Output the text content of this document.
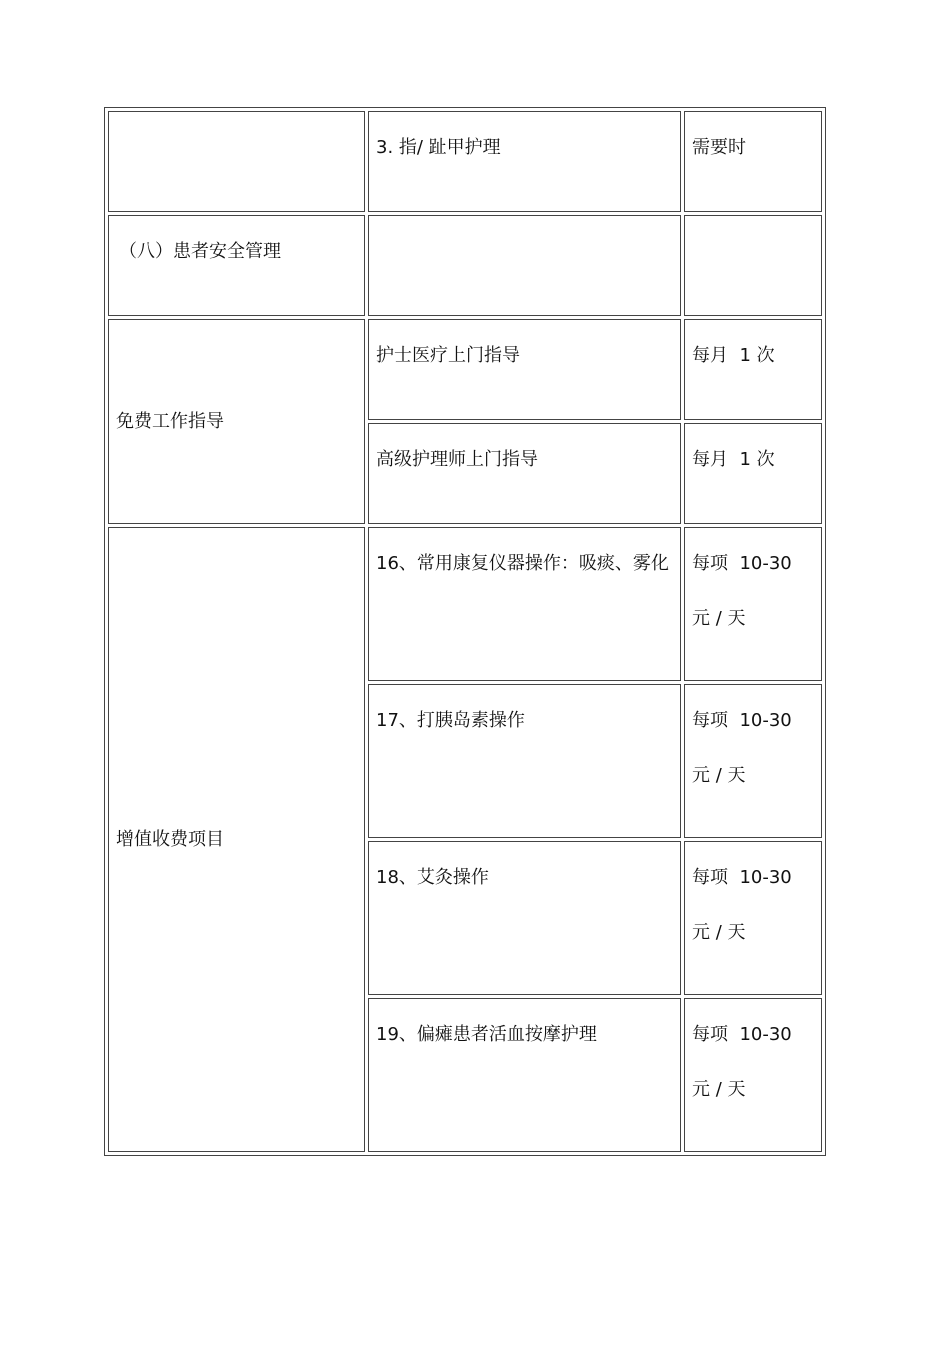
	3. 指/ 趾甲护理	需要时

（八）患者安全管理		

免费工作指导	护士医疗上门指导	每月  1 次

	高级护理师上门指导	每月  1 次

增值收费项目	16、常用康复仪器操作：吸痰、雾化	每项  10-30  元 / 天

	17、打胰岛素操作	每项  10-30  元 / 天

	18、艾灸操作	每项  10-30  元 / 天

	19、偏瘫患者活血按摩护理	每项  10-30  元 / 天
